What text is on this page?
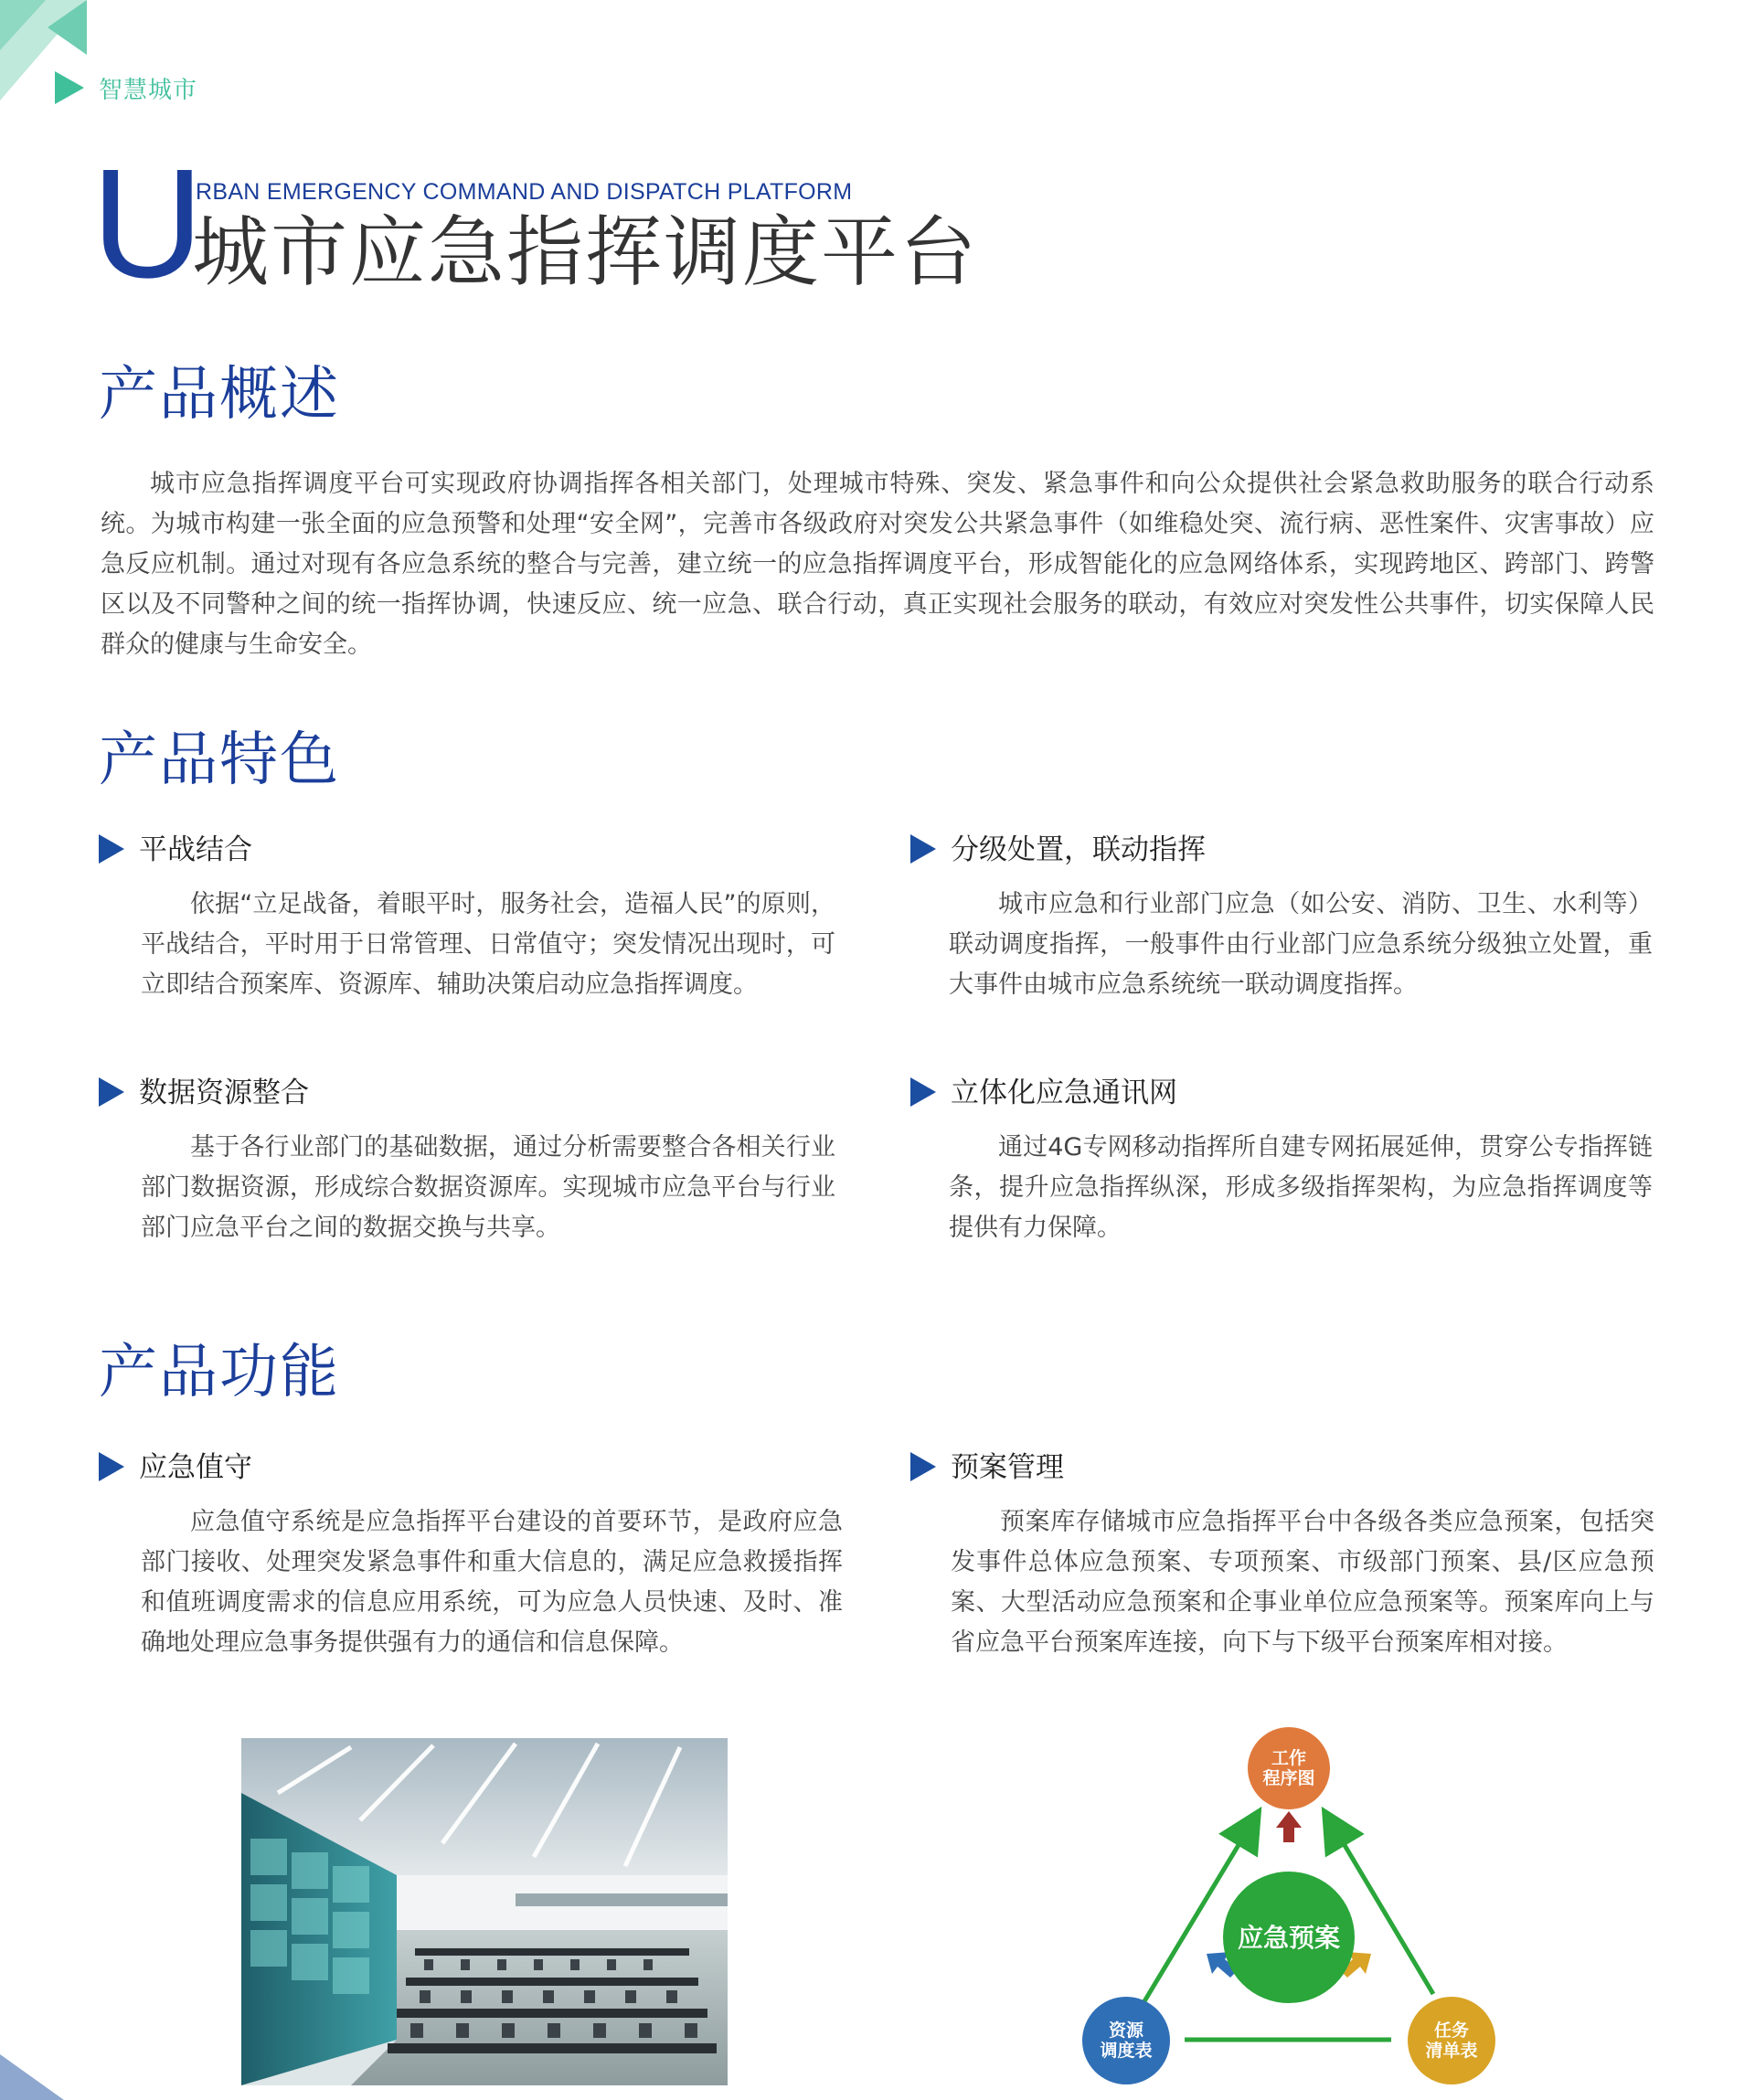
智慧城市
U
RBAN EMERGENCY COMMAND AND DISPATCH PLATFORM
城市应急指挥调度平台
产品概述

城市应急指挥调度平台可实现政府协调指挥各相关部门，处理城市特殊、突发、紧急事件和向公众提供社会紧急救助服务的联合行动系统。为城市构建一张全面的应急预警和处理“安全网”，完善市各级政府对突发公共紧急事件（如维稳处突、流行病、恶性案件、灾害事故）应急反应机制。通过对现有各应急系统的整合与完善，建立统一的应急指挥调度平台，形成智能化的应急网络体系，实现跨地区、跨部门、跨警区以及不同警种之间的统一指挥协调，快速反应、统一应急、联合行动，真正实现社会服务的联动，有效应对突发性公共事件，切实保障人民群众的健康与生命安全。

产品特色
平战结合

依据“立足战备，着眼平时，服务社会，造福人民”的原则，平战结合，平时用于日常管理、日常值守；突发情况出现时，可立即结合预案库、资源库、辅助决策启动应急指挥调度。

分级处置，联动指挥

城市应急和行业部门应急（如公安、消防、卫生、水利等）联动调度指挥，一般事件由行业部门应急系统分级独立处置，重大事件由城市应急系统统一联动调度指挥。

数据资源整合

基于各行业部门的基础数据，通过分析需要整合各相关行业部门数据资源，形成综合数据资源库。实现城市应急平台与行业部门应急平台之间的数据交换与共享。

立体化应急通讯网

通过4G专网移动指挥所自建专网拓展延伸，贯穿公专指挥链条，提升应急指挥纵深，形成多级指挥架构，为应急指挥调度等提供有力保障。

产品功能
应急值守

应急值守系统是应急指挥平台建设的首要环节，是政府应急部门接收、处理突发紧急事件和重大信息的，满足应急救援指挥和值班调度需求的信息应用系统，可为应急人员快速、及时、准确地处理应急事务提供强有力的通信和信息保障。

预案管理

预案库存储城市应急指挥平台中各级各类应急预案，包括突发事件总体应急预案、专项预案、市级部门预案、县/区应急预案、大型活动应急预案和企事业单位应急预案等。预案库向上与省应急平台预案库连接，向下与下级平台预案库相对接。

应急预案
工作
程序图
资源
调度表
任务
清单表
